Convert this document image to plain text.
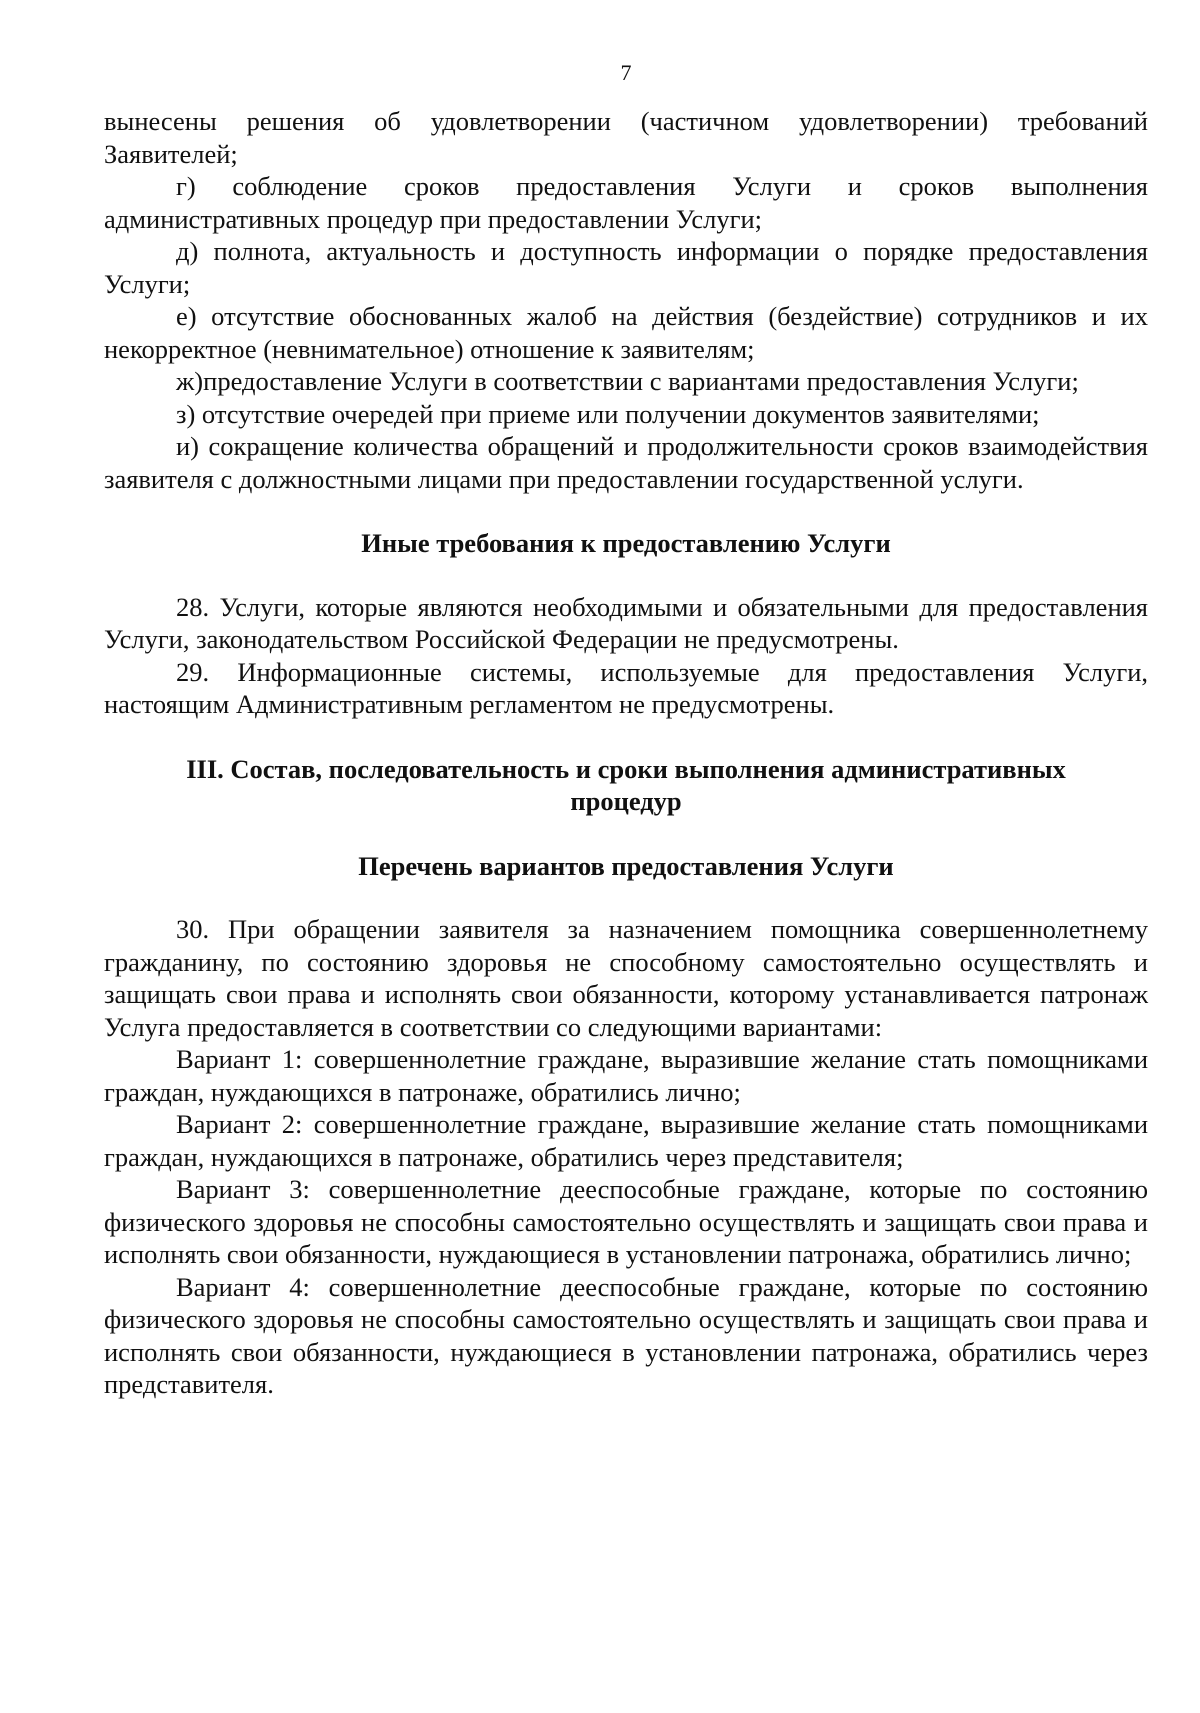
7

вынесены решения об удовлетворении (частичном удовлетворении) требований Заявителей;

г) соблюдение сроков предоставления Услуги и сроков выполнения административных процедур при предоставлении Услуги;

д) полнота, актуальность и доступность информации о порядке предоставления Услуги;

е) отсутствие обоснованных жалоб на действия (бездействие) сотрудников и их некорректное (невнимательное) отношение к заявителям;

ж)предоставление Услуги в соответствии с вариантами предоставления Услуги;

з) отсутствие очередей при приеме или получении документов заявителями;

и) сокращение количества обращений и продолжительности сроков взаимодействия заявителя с должностными лицами при предоставлении государственной услуги.

Иные требования к предоставлению Услуги

28. Услуги, которые являются необходимыми и обязательными для предоставления Услуги, законодательством Российской Федерации не предусмотрены.

29. Информационные системы, используемые для предоставления Услуги, настоящим Административным регламентом не предусмотрены.

III. Состав, последовательность и сроки выполнения административных
процедур
Перечень вариантов предоставления Услуги

30. При обращении заявителя за назначением помощника совершеннолетнему гражданину, по состоянию здоровья не способному самостоятельно осуществлять и защищать свои права и исполнять свои обязанности, которому устанавливается патронаж Услуга предоставляется в соответствии со следующими вариантами:

Вариант 1: совершеннолетние граждане, выразившие желание стать помощниками граждан, нуждающихся в патронаже, обратились лично;

Вариант 2: совершеннолетние граждане, выразившие желание стать помощниками граждан, нуждающихся в патронаже, обратились через представителя;

Вариант 3: совершеннолетние дееспособные граждане, которые по состоянию физического здоровья не способны самостоятельно осуществлять и защищать свои права и исполнять свои обязанности, нуждающиеся в установлении патронажа, обратились лично;

Вариант 4: совершеннолетние дееспособные граждане, которые по состоянию физического здоровья не способны самостоятельно осуществлять и защищать свои права и исполнять свои обязанности, нуждающиеся в установлении патронажа, обратились через представителя.
